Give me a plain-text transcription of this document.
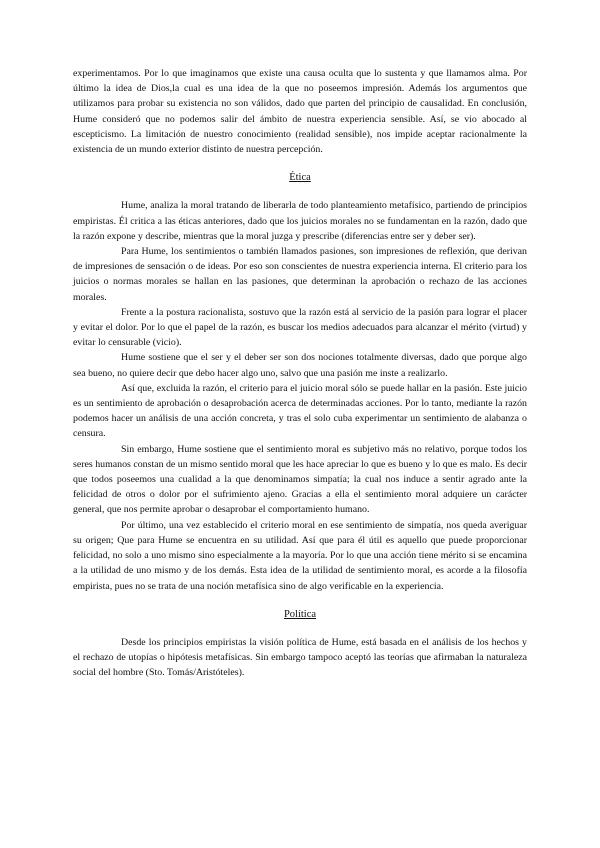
experimentamos. Por lo que imaginamos que existe una causa oculta que lo sustenta y que llamamos alma. Por último la idea de Dios,la cual es una idea de la que no poseemos impresión. Además los argumentos que utilizamos para probar su existencia no son válidos, dado que parten del principio de causalidad. En conclusión, Hume consideró que no podemos salir del ámbito de nuestra experiencia sensible. Así, se vio abocado al escepticismo. La limitación de nuestro conocimiento (realidad sensible), nos impide aceptar racionalmente la existencia de un mundo exterior distinto de nuestra percepción.

Ética

Hume, analiza la moral tratando de liberarla de todo planteamiento metafísico, partiendo de principios empiristas. Él critica a las éticas anteriores, dado que los juicios morales no se fundamentan en la razón, dado que la razón expone y describe, mientras que la moral juzga y prescribe (diferencias entre ser y deber ser).

Para Hume, los sentimientos o también llamados pasiones, son impresiones de reflexión, que derivan de impresiones de sensación o de ideas. Por eso son conscientes de nuestra experiencia interna. El criterio para los juicios o normas morales se hallan en las pasiones, que determinan la aprobación o rechazo de las acciones morales.

Frente a la postura racionalista, sostuvo que la razón está al servicio de la pasión para lograr el placer y evitar el dolor. Por lo que el papel de la razón, es buscar los medios adecuados para alcanzar el mérito (virtud) y evitar lo censurable (vicio).

Hume sostiene que el ser y el deber ser son dos nociones totalmente diversas, dado que porque algo sea bueno, no quiere decir que debo hacer algo uno, salvo que una pasión me inste a realizarlo.

Así que, excluida la razón, el criterio para el juicio moral sólo se puede hallar en la pasión. Este juicio es un sentimiento de aprobación o desaprobación acerca de determinadas acciones. Por lo tanto, mediante la razón podemos hacer un análisis de una acción concreta, y tras el solo cuba experimentar un sentimiento de alabanza o censura.

Sin embargo, Hume sostiene que el sentimiento moral es subjetivo más no relativo, porque todos los seres humanos constan de un mismo sentido moral que les hace apreciar lo que es bueno y lo que es malo. Es decir que todos poseemos una cualidad a la que denominamos simpatía; la cual nos induce a sentir agrado ante la felicidad de otros o dolor por el sufrimiento ajeno. Gracias a ella el sentimiento moral adquiere un carácter general, que nos permite aprobar o desaprobar el comportamiento humano.

Por último, una vez establecido el criterio moral en ese sentimiento de simpatía, nos queda averiguar su origen; Que para Hume se encuentra en su utilidad. Así que para él útil es aquello que puede proporcionar felicidad, no solo a uno mismo sino especialmente a la mayoría. Por lo que una acción tiene mérito si se encamina a la utilidad de uno mismo y de los demás. Esta idea de la utilidad de sentimiento moral, es acorde a la filosofía empirista, pues no se trata de una noción metafísica sino de algo verificable en la experiencia.

Política

Desde los principios empiristas la visión política de Hume, está basada en el análisis de los hechos y el rechazo de utopías o hipótesis metafísicas. Sin embargo tampoco aceptó las teorías que afirmaban la naturaleza social del hombre (Sto. Tomás/Aristóteles).
